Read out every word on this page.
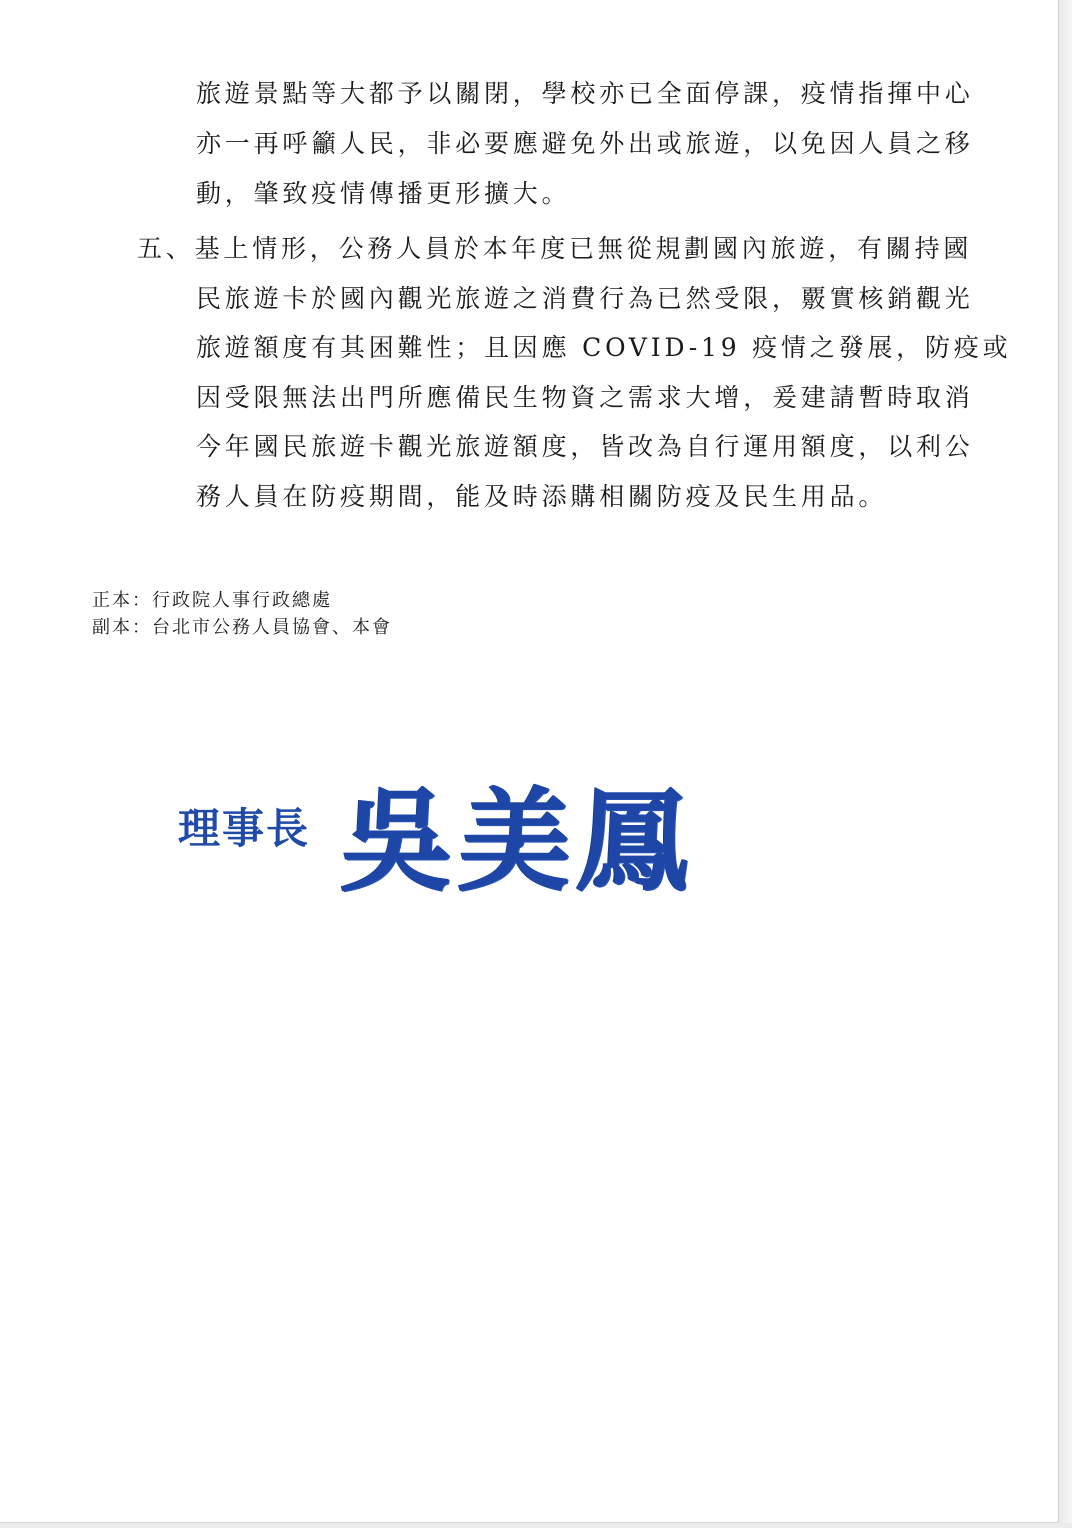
旅遊景點等大都予以關閉，學校亦已全面停課，疫情指揮中心
亦一再呼籲人民，非必要應避免外出或旅遊，以免因人員之移
動，肇致疫情傳播更形擴大。
五、基上情形，公務人員於本年度已無從規劃國內旅遊，有關持國
民旅遊卡於國內觀光旅遊之消費行為已然受限，覈實核銷觀光
旅遊額度有其困難性；且因應 COVID-19 疫情之發展，防疫或
因受限無法出門所應備民生物資之需求大增，爰建請暫時取消
今年國民旅遊卡觀光旅遊額度，皆改為自行運用額度，以利公
務人員在防疫期間，能及時添購相關防疫及民生用品。
正本：行政院人事行政總處
副本：台北市公務人員協會、本會
理事長 吳美鳳
